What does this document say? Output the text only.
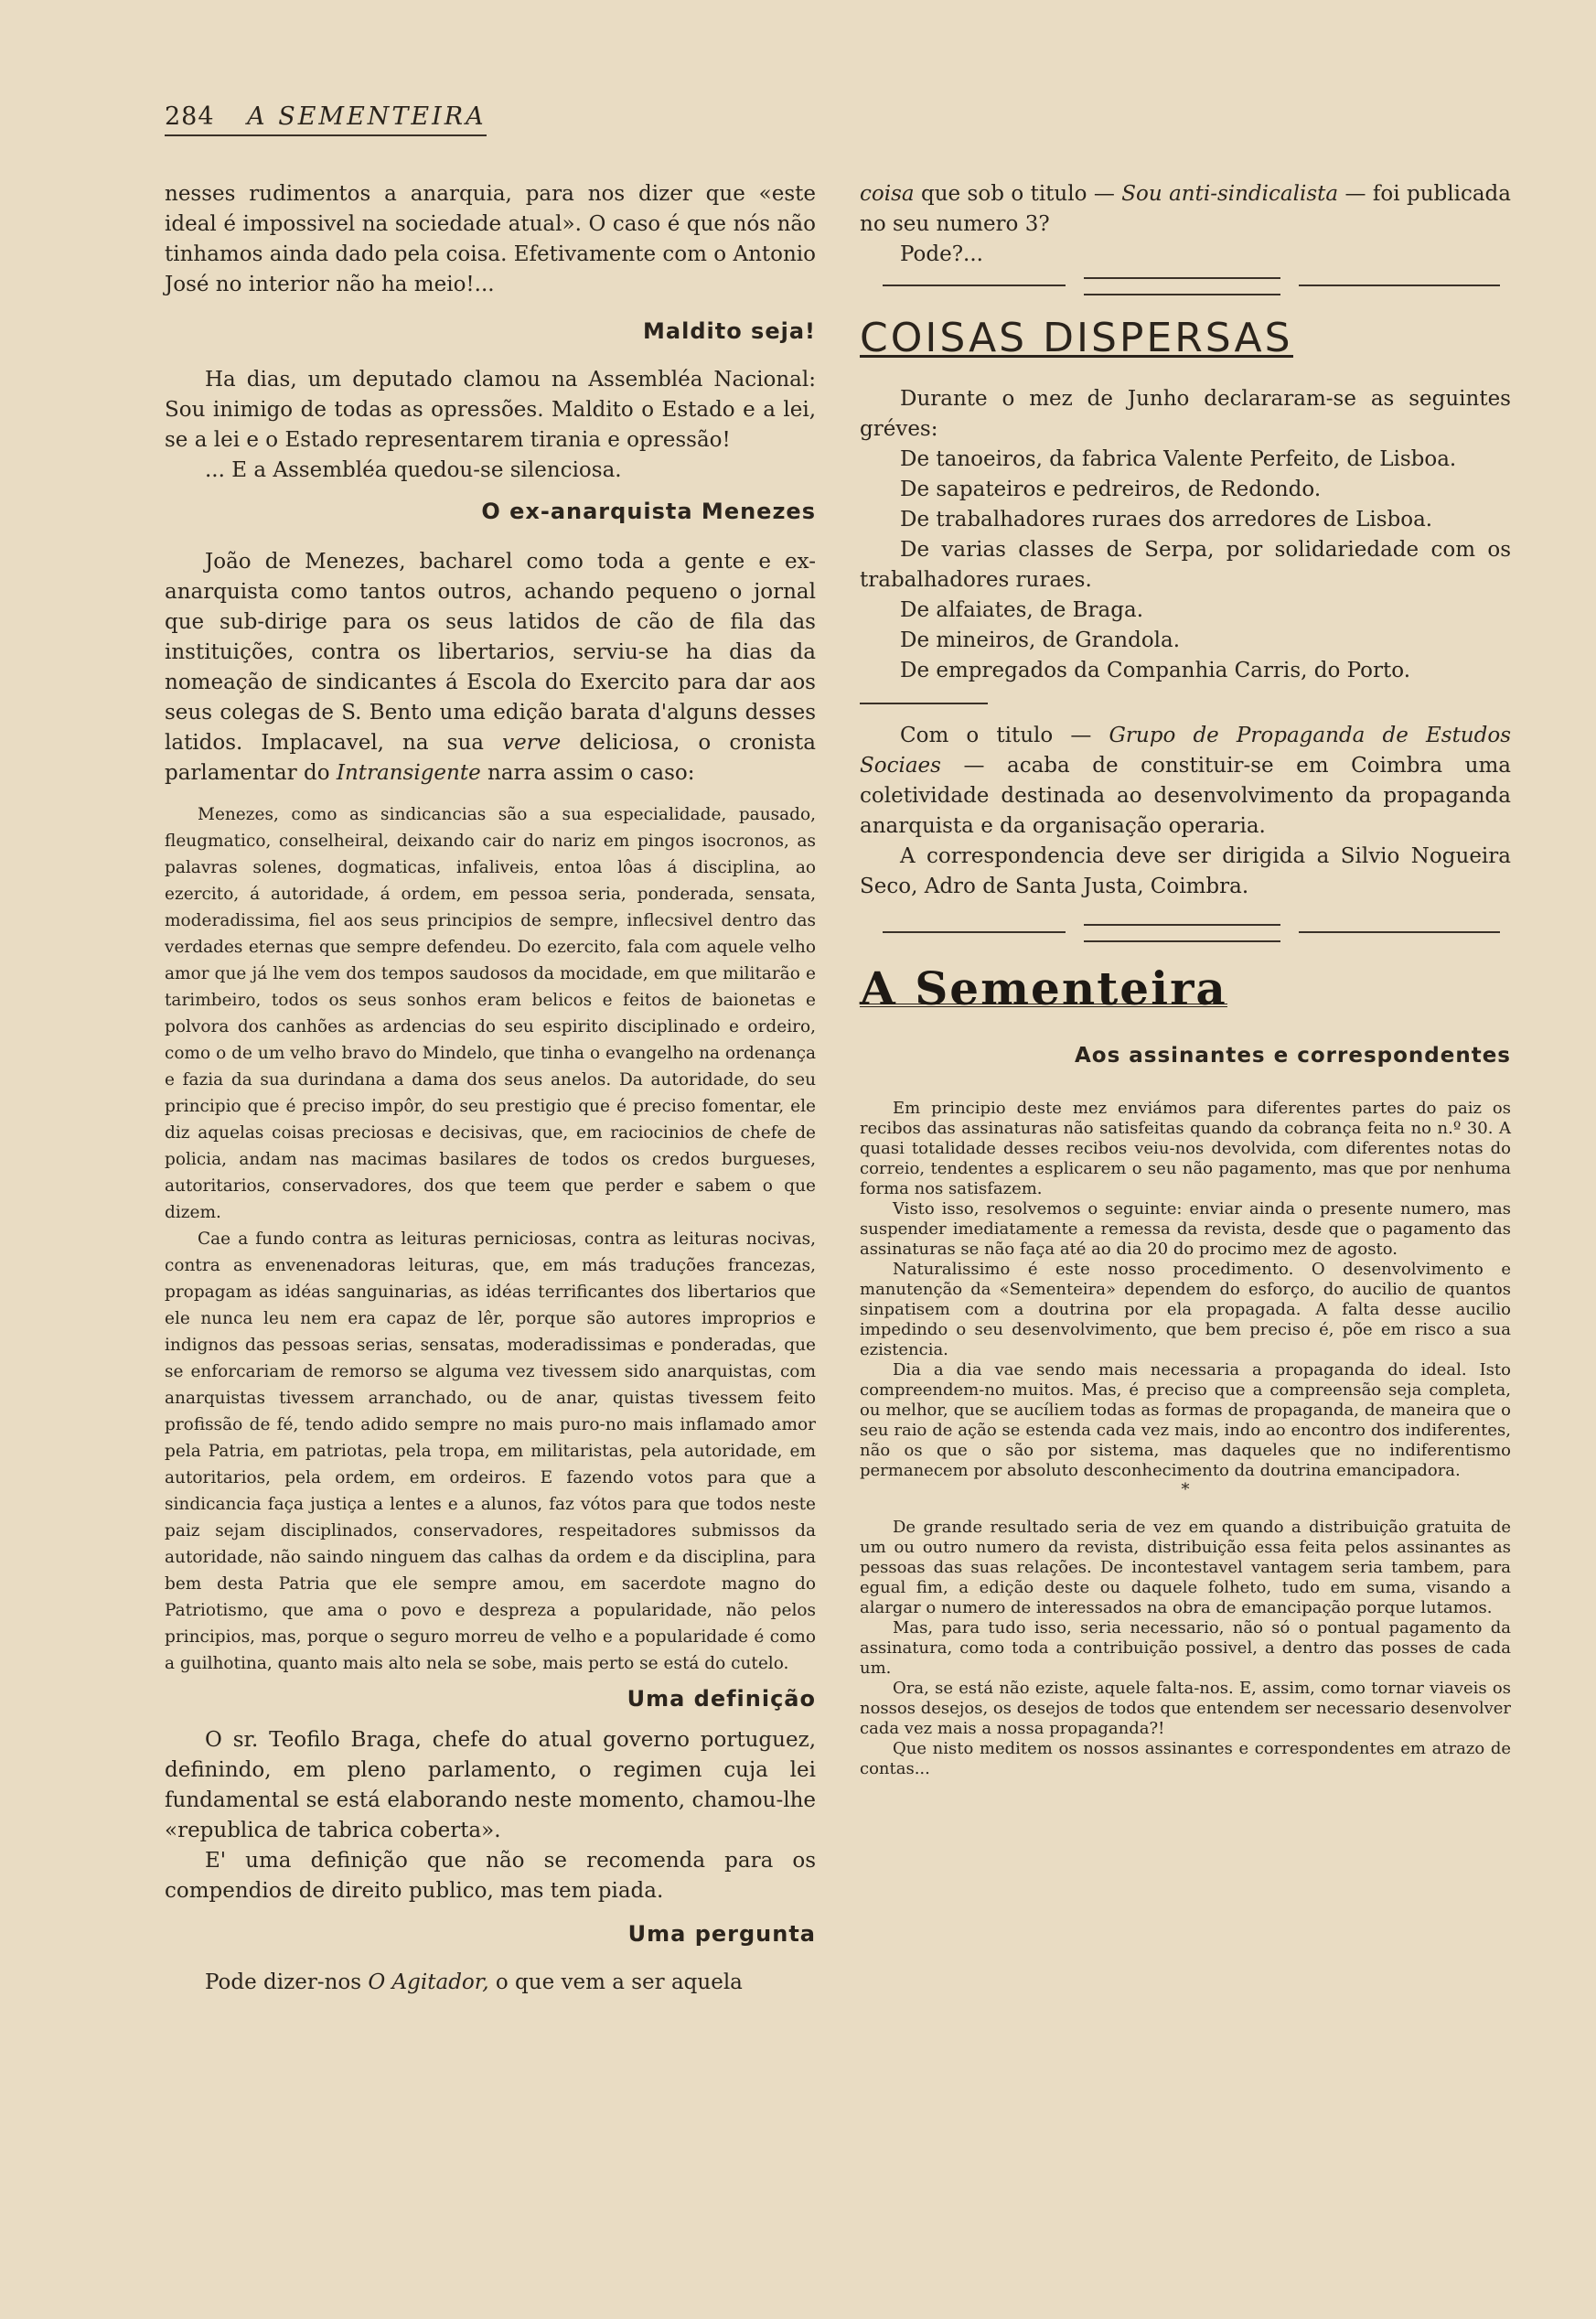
284 A SEMENTEIRA

nesses rudimentos a anarquia, para nos dizer que «este ideal é impossivel na sociedade atual». O caso é que nós não tinhamos ainda dado pela coisa. Efetivamente com o Antonio José no interior não ha meio!...

Maldito seja!

Ha dias, um deputado clamou na Assembléa Nacional: Sou inimigo de todas as opressões. Maldito o Estado e a lei, se a lei e o Estado representarem tirania e opressão!

... E a Assembléa quedou-se silenciosa.

O ex-anarquista Menezes

João de Menezes, bacharel como toda a gente e ex-anarquista como tantos outros, achando pequeno o jornal que sub-dirige para os seus latidos de cão de fila das instituições, contra os libertarios, serviu-se ha dias da nomeação de sindicantes á Escola do Exercito para dar aos seus colegas de S. Bento uma edição barata d'alguns desses latidos. Implacavel, na sua verve deliciosa, o cronista parlamentar do Intransigente narra assim o caso:

Menezes, como as sindicancias são a sua especialidade, pausado, fleugmatico, conselheiral, deixando cair do nariz em pingos isocronos, as palavras solenes, dogmaticas, infaliveis, entoa lôas á disciplina, ao ezercito, á autoridade, á ordem, em pessoa seria, ponderada, sensata, moderadissima, fiel aos seus principios de sempre, inflecsivel dentro das verdades eternas que sempre defendeu. Do ezercito, fala com aquele velho amor que já lhe vem dos tempos saudosos da mocidade, em que militarão e tarimbeiro, todos os seus sonhos eram belicos e feitos de baionetas e polvora dos canhões as ardencias do seu espirito disciplinado e ordeiro, como o de um velho bravo do Mindelo, que tinha o evangelho na ordenança e fazia da sua durindana a dama dos seus anelos. Da autoridade, do seu principio que é preciso impôr, do seu prestigio que é preciso fomentar, ele diz aquelas coisas preciosas e decisivas, que, em raciocinios de chefe de policia, andam nas macimas basilares de todos os credos burgueses, autoritarios, conservadores, dos que teem que perder e sabem o que dizem.

Cae a fundo contra as leituras perniciosas, contra as leituras nocivas, contra as envenenadoras leituras, que, em más traduções francezas, propagam as idéas sanguinarias, as idéas terrificantes dos libertarios que ele nunca leu nem era capaz de lêr, porque são autores improprios e indignos das pessoas serias, sensatas, moderadissimas e ponderadas, que se enforcariam de remorso se alguma vez tivessem sido anarquistas, com anarquistas tivessem arranchado, ou de anar, quistas tivessem feito profissão de fé, tendo adido sempre no mais puro-no mais inflamado amor pela Patria, em patriotas, pela tropa, em militaristas, pela autoridade, em autoritarios, pela ordem, em ordeiros. E fazendo votos para que a sindicancia faça justiça a lentes e a alunos, faz vótos para que todos neste paiz sejam disciplinados, conservadores, respeitadores submissos da autoridade, não saindo ninguem das calhas da ordem e da disciplina, para bem desta Patria que ele sempre amou, em sacerdote magno do Patriotismo, que ama o povo e despreza a popularidade, não pelos principios, mas, porque o seguro morreu de velho e a popularidade é como a guilhotina, quanto mais alto nela se sobe, mais perto se está do cutelo.

Uma definição

O sr. Teofilo Braga, chefe do atual governo portuguez, definindo, em pleno parlamento, o regimen cuja lei fundamental se está elaborando neste momento, chamou-lhe «republica de tabrica coberta».

E' uma definição que não se recomenda para os compendios de direito publico, mas tem piada.

Uma pergunta

Pode dizer-nos O Agitador, o que vem a ser aquela

coisa que sob o titulo — Sou anti-sindicalista — foi publicada no seu numero 3?

Pode?...

COISAS DISPERSAS

Durante o mez de Junho declararam-se as seguintes gréves:

De tanoeiros, da fabrica Valente Perfeito, de Lisboa.

De sapateiros e pedreiros, de Redondo.

De trabalhadores ruraes dos arredores de Lisboa.

De varias classes de Serpa, por solidariedade com os trabalhadores ruraes.

De alfaiates, de Braga.

De mineiros, de Grandola.

De empregados da Companhia Carris, do Porto.

Com o titulo — Grupo de Propaganda de Estudos Sociaes — acaba de constituir-se em Coimbra uma coletividade destinada ao desenvolvimento da propaganda anarquista e da organisação operaria.

A correspondencia deve ser dirigida a Silvio Nogueira Seco, Adro de Santa Justa, Coimbra.

A Sementeira
Aos assinantes e correspondentes

Em principio deste mez enviámos para diferentes partes do paiz os recibos das assinaturas não satisfeitas quando da cobrança feita no n.º 30. A quasi totalidade desses recibos veiu-nos devolvida, com diferentes notas do correio, tendentes a esplicarem o seu não pagamento, mas que por nenhuma forma nos satisfazem.

Visto isso, resolvemos o seguinte: enviar ainda o presente numero, mas suspender imediatamente a remessa da revista, desde que o pagamento das assinaturas se não faça até ao dia 20 do procimo mez de agosto.

Naturalissimo é este nosso procedimento. O desenvolvimento e manutenção da «Sementeira» dependem do esforço, do aucilio de quantos sinpatisem com a doutrina por ela propagada. A falta desse aucilio impedindo o seu desenvolvimento, que bem preciso é, põe em risco a sua ezistencia.

Dia a dia vae sendo mais necessaria a propaganda do ideal. Isto compreendem-no muitos. Mas, é preciso que a compreensão seja completa, ou melhor, que se aucíliem todas as formas de propaganda, de maneira que o seu raio de ação se estenda cada vez mais, indo ao encontro dos indiferentes, não os que o são por sistema, mas daqueles que no indiferentismo permanecem por absoluto desconhecimento da doutrina emancipadora.

*

De grande resultado seria de vez em quando a distribuição gratuita de um ou outro numero da revista, distribuição essa feita pelos assinantes as pessoas das suas relações. De incontestavel vantagem seria tambem, para egual fim, a edição deste ou daquele folheto, tudo em suma, visando a alargar o numero de interessados na obra de emancipação porque lutamos.

Mas, para tudo isso, seria necessario, não só o pontual pagamento da assinatura, como toda a contribuição possivel, a dentro das posses de cada um.

Ora, se está não eziste, aquele falta-nos. E, assim, como tornar viaveis os nossos desejos, os desejos de todos que entendem ser necessario desenvolver cada vez mais a nossa propaganda?!

Que nisto meditem os nossos assinantes e correspondentes em atrazo de contas...
